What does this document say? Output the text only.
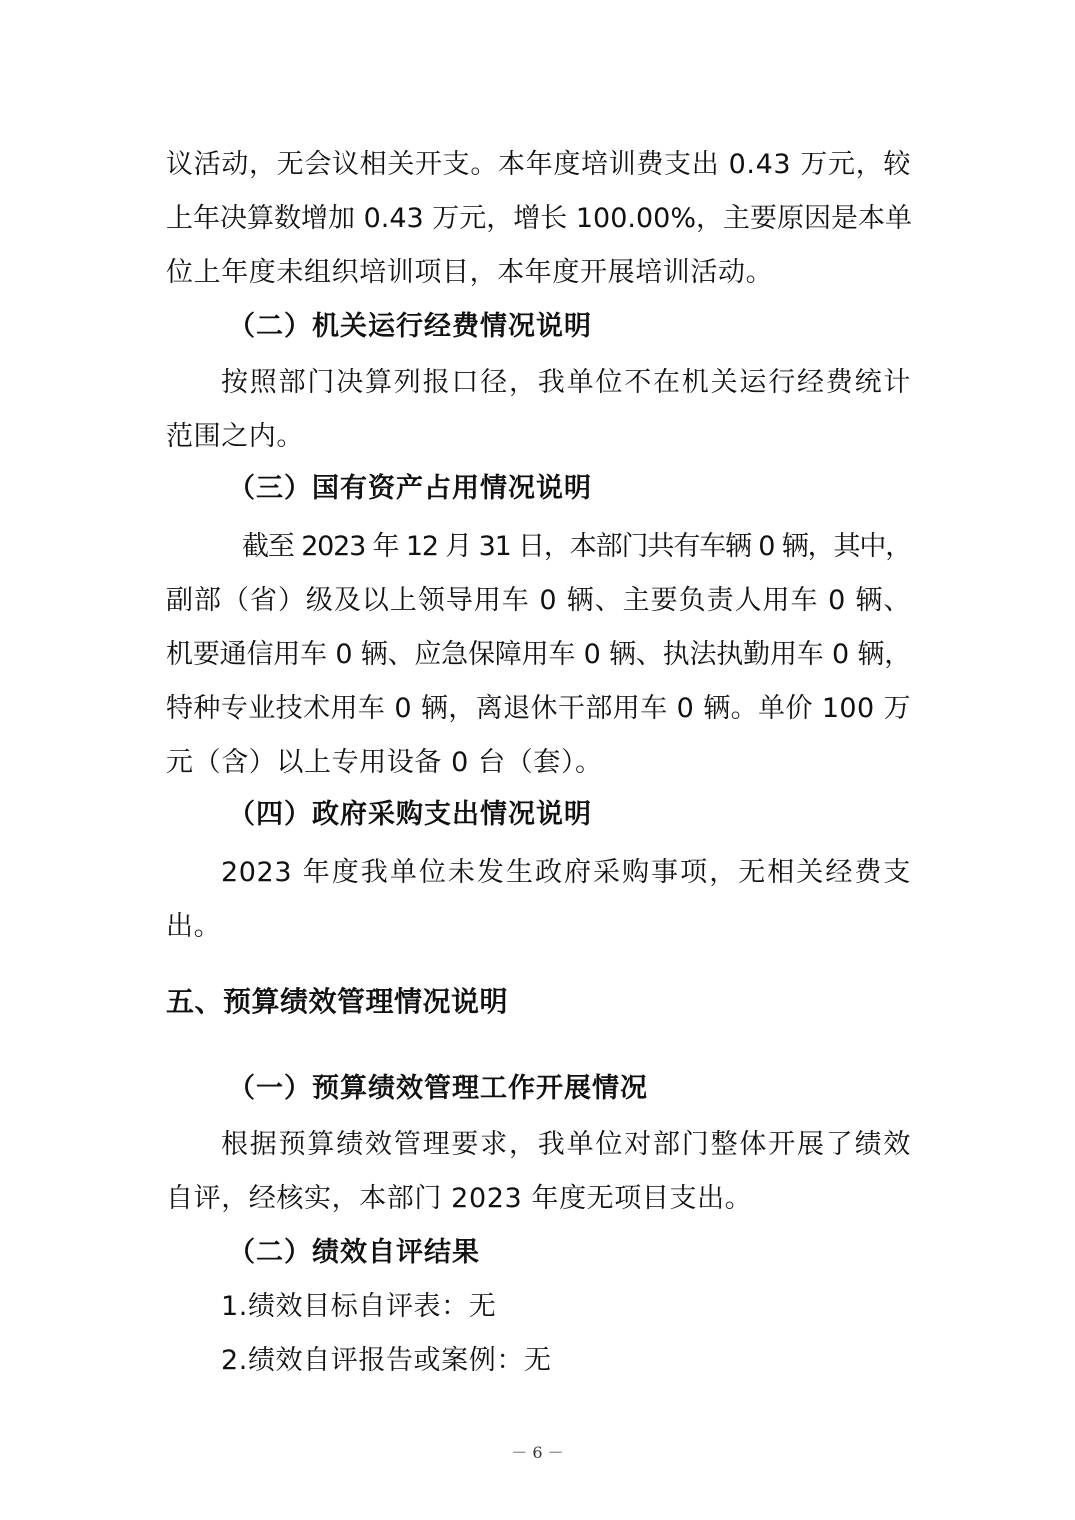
议活动，无会议相关开支。本年度培训费支出 0.43 万元，较
上年决算数增加 0.43 万元，增长 100.00%，主要原因是本单
位上年度未组织培训项目，本年度开展培训活动。
（二）机关运行经费情况说明
按照部门决算列报口径，我单位不在机关运行经费统计
范围之内。
（三）国有资产占用情况说明
截至 2023 年 12 月 31 日，本部门共有车辆 0 辆，其中，
副部（省）级及以上领导用车 0 辆、主要负责人用车 0 辆、
机要通信用车 0 辆、应急保障用车 0 辆、执法执勤用车 0 辆，
特种专业技术用车 0 辆，离退休干部用车 0 辆。单价 100 万
元（含）以上专用设备 0 台（套）。
（四）政府采购支出情况说明
2023 年度我单位未发生政府采购事项，无相关经费支
出。
五、预算绩效管理情况说明
（一）预算绩效管理工作开展情况
根据预算绩效管理要求，我单位对部门整体开展了绩效
自评，经核实，本部门 2023 年度无项目支出。
（二）绩效自评结果
1.绩效目标自评表：无
2.绩效自评报告或案例：无
－ 6 －
